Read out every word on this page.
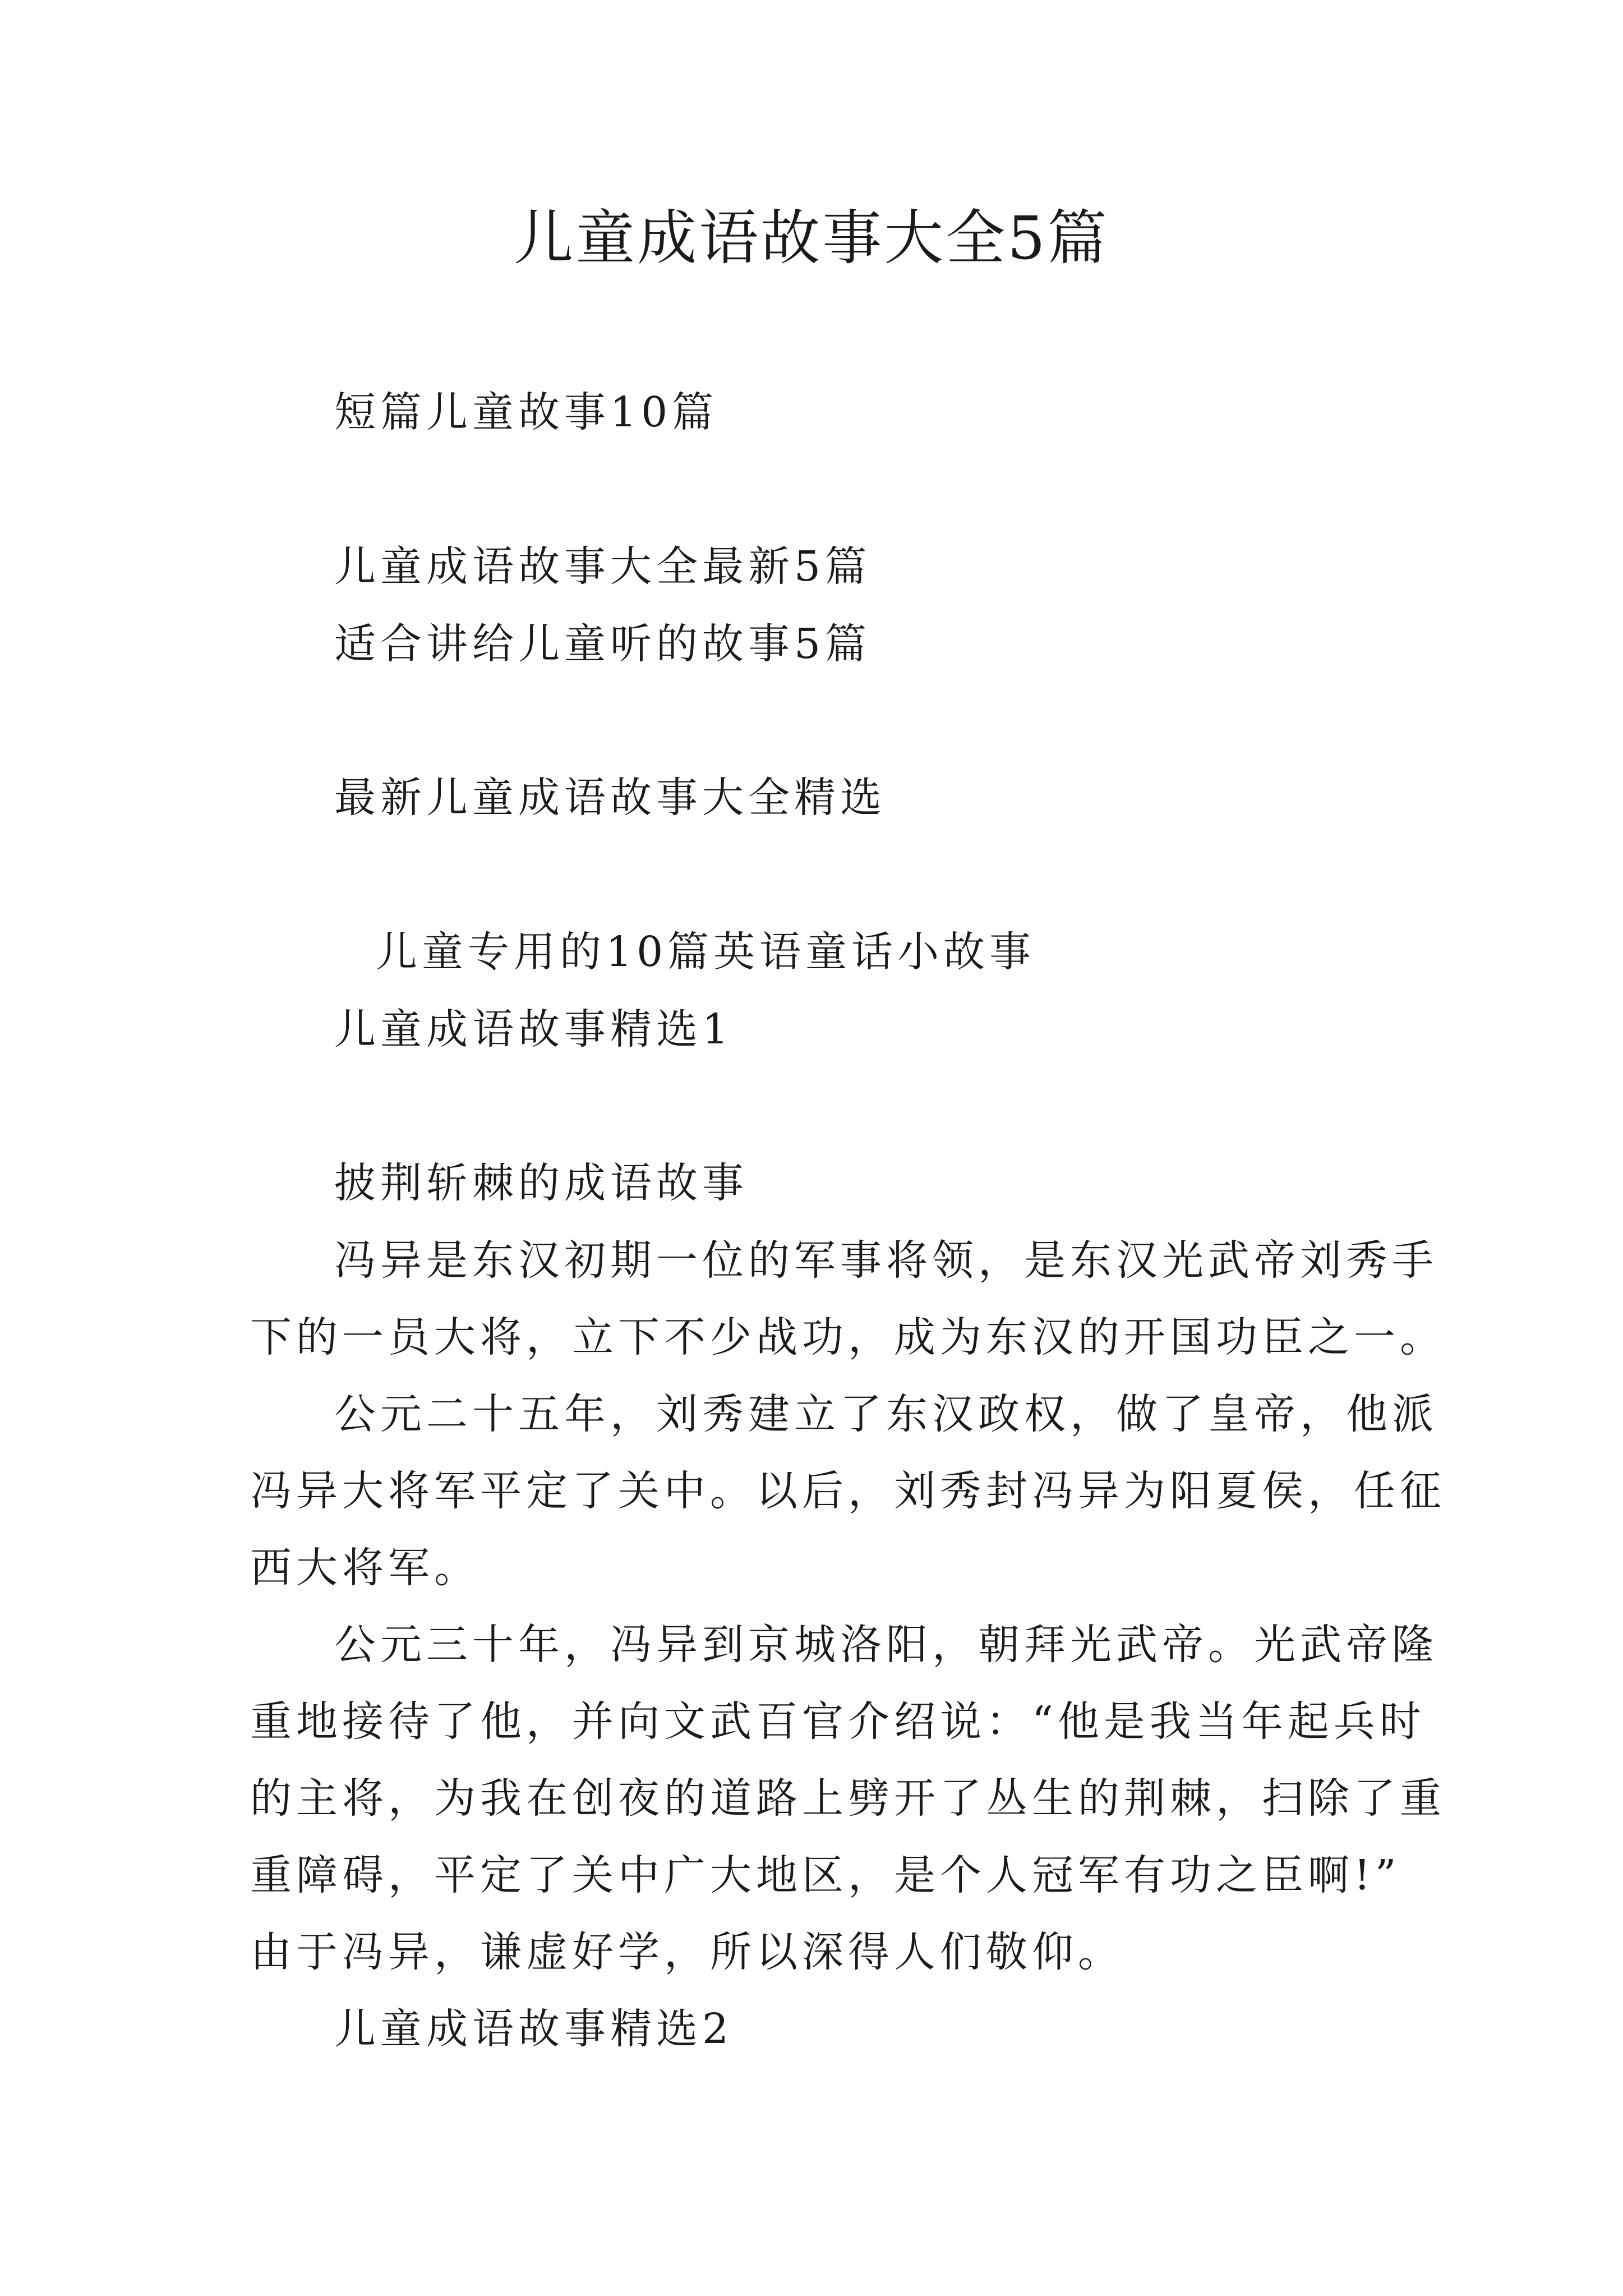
儿童成语故事大全5篇
短篇儿童故事10篇
儿童成语故事大全最新5篇
适合讲给儿童听的故事5篇
最新儿童成语故事大全精选
儿童专用的10篇英语童话小故事
儿童成语故事精选1
披荆斩棘的成语故事
冯异是东汉初期一位的军事将领，是东汉光武帝刘秀手
下的一员大将，立下不少战功，成为东汉的开国功臣之一。
公元二十五年，刘秀建立了东汉政权，做了皇帝，他派
冯异大将军平定了关中。以后，刘秀封冯异为阳夏侯，任征
西大将军。
公元三十年，冯异到京城洛阳，朝拜光武帝。光武帝隆
重地接待了他，并向文武百官介绍说：“他是我当年起兵时
的主将，为我在创夜的道路上劈开了丛生的荆棘，扫除了重
重障碍，平定了关中广大地区，是个人冠军有功之臣啊!”
由于冯异，谦虚好学，所以深得人们敬仰。
儿童成语故事精选2
